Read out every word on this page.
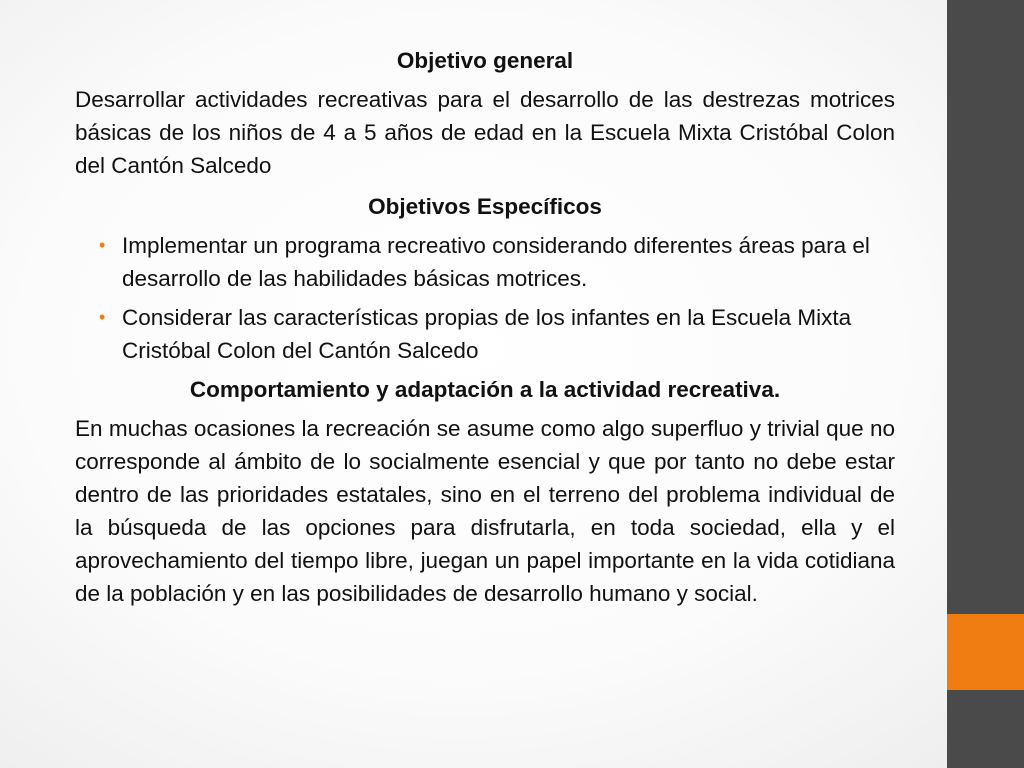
Objetivo general

Desarrollar actividades recreativas para el desarrollo de las destrezas motrices básicas de los niños de 4 a 5 años de edad en la Escuela Mixta Cristóbal Colon del Cantón Salcedo

Objetivos Específicos

• Implementar un programa recreativo considerando diferentes áreas para el desarrollo de las habilidades básicas motrices.
• Considerar las características propias de los infantes en la Escuela Mixta Cristóbal Colon del Cantón Salcedo

Comportamiento y adaptación a la actividad recreativa.

En muchas ocasiones la recreación se asume como algo superfluo y trivial que no corresponde al ámbito de lo socialmente esencial y que por tanto no debe estar dentro de las prioridades estatales, sino en el terreno del problema individual de la búsqueda de las opciones para disfrutarla, en toda sociedad, ella y el aprovechamiento del tiempo libre, juegan un papel importante en la vida cotidiana de la población y en las posibilidades de desarrollo humano y social.
